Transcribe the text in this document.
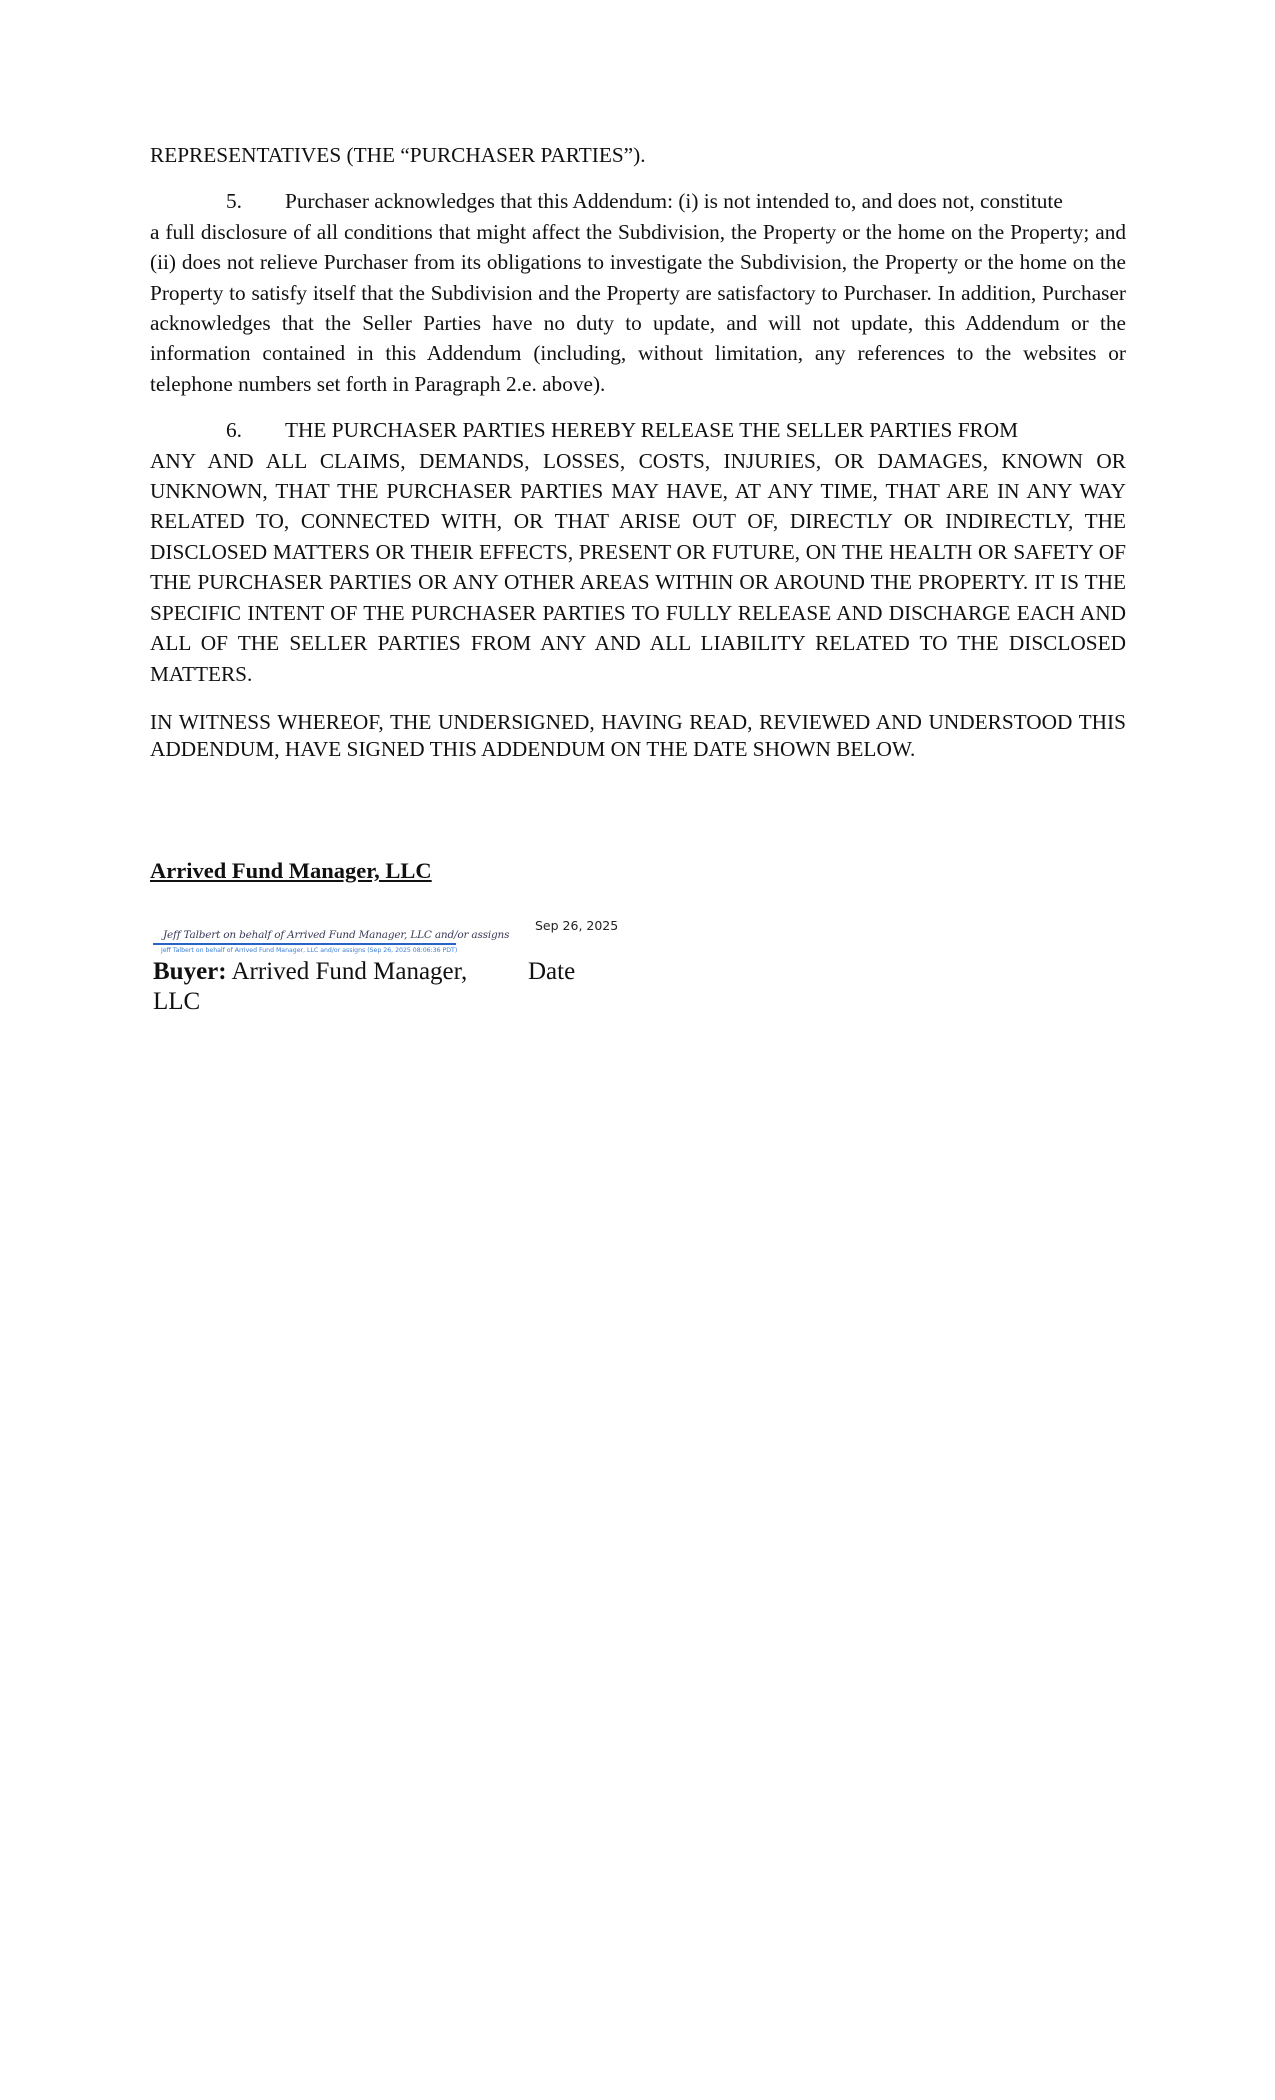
REPRESENTATIVES (THE “PURCHASER PARTIES”).

5. Purchaser acknowledges that this Addendum: (i) is not intended to, and does not, constitute
a full disclosure of all conditions that might affect the Subdivision, the Property or the home on the Property; and (ii) does not relieve Purchaser from its obligations to investigate the Subdivision, the Property or the home on the Property to satisfy itself that the Subdivision and the Property are satisfactory to Purchaser. In addition, Purchaser acknowledges that the Seller Parties have no duty to update, and will not update, this Addendum or the information contained in this Addendum (including, without limitation, any references to the websites or telephone numbers set forth in Paragraph 2.e. above).
6. THE PURCHASER PARTIES HEREBY RELEASE THE SELLER PARTIES FROM
ANY AND ALL CLAIMS, DEMANDS, LOSSES, COSTS, INJURIES, OR DAMAGES, KNOWN OR UNKNOWN, THAT THE PURCHASER PARTIES MAY HAVE, AT ANY TIME, THAT ARE IN ANY WAY RELATED TO, CONNECTED WITH, OR THAT ARISE OUT OF, DIRECTLY OR INDIRECTLY, THE DISCLOSED MATTERS OR THEIR EFFECTS, PRESENT OR FUTURE, ON THE HEALTH OR SAFETY OF THE PURCHASER PARTIES OR ANY OTHER AREAS WITHIN OR AROUND THE PROPERTY. IT IS THE SPECIFIC INTENT OF THE PURCHASER PARTIES TO FULLY RELEASE AND DISCHARGE EACH AND ALL OF THE SELLER PARTIES FROM ANY AND ALL LIABILITY RELATED TO THE DISCLOSED MATTERS.

IN WITNESS WHEREOF, THE UNDERSIGNED, HAVING READ, REVIEWED AND UNDERSTOOD THIS ADDENDUM, HAVE SIGNED THIS ADDENDUM ON THE DATE SHOWN BELOW.

Arrived Fund Manager, LLC

Jeff Talbert on behalf of Arrived Fund Manager, LLC and/or assigns
Jeff Talbert on behalf of Arrived Fund Manager, LLC and/or assigns (Sep 26, 2025 08:06:36 PDT)
Sep 26, 2025

Buyer: Arrived Fund Manager, LLC

Date
